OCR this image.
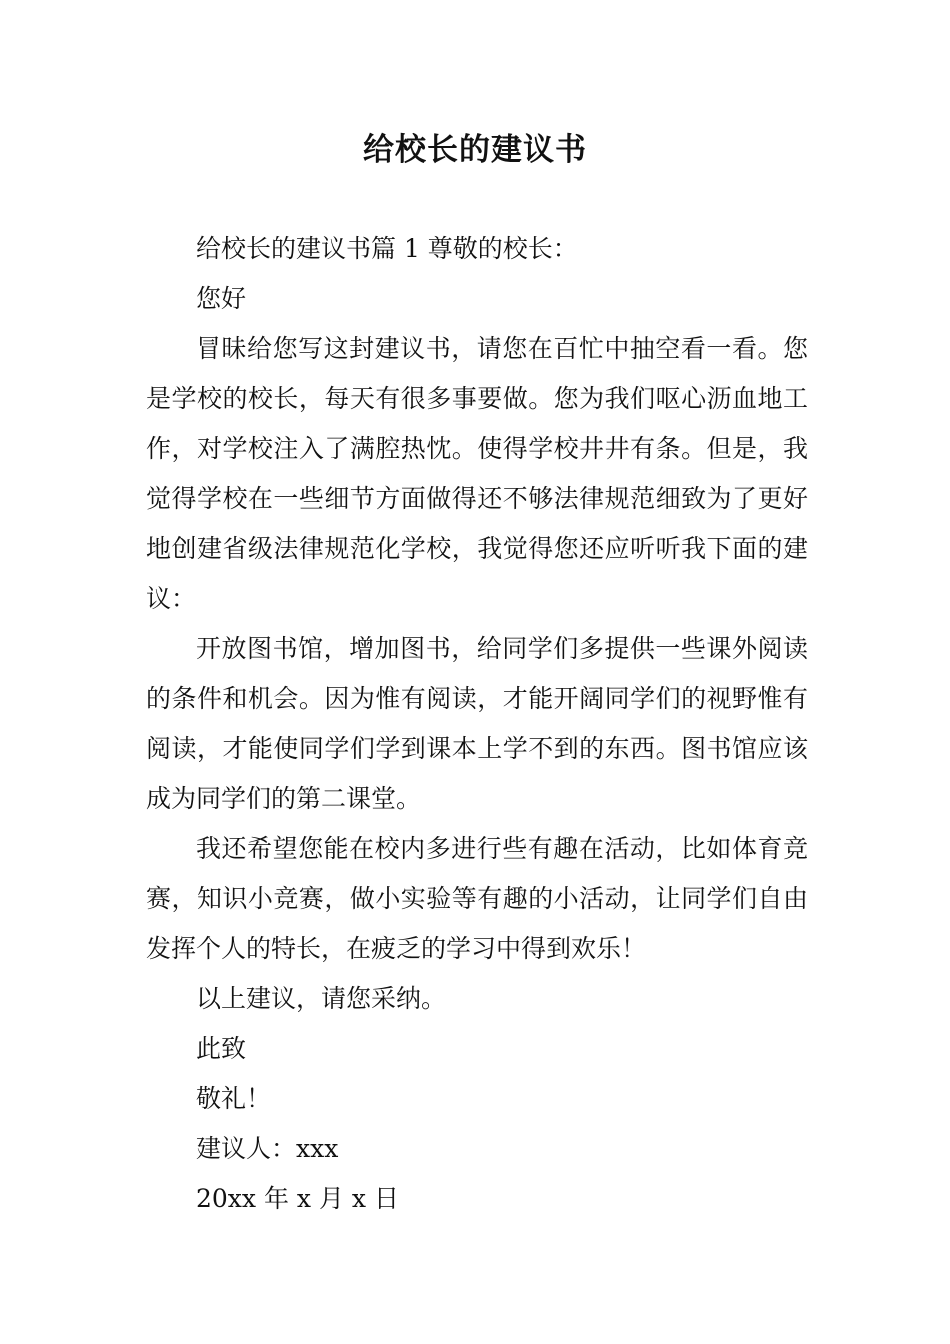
给校长的建议书

给校长的建议书篇 1 尊敬的校长：

您好

冒昧给您写这封建议书，请您在百忙中抽空看一看。您是学校的校长，每天有很多事要做。您为我们呕心沥血地工作，对学校注入了满腔热忱。使得学校井井有条。但是，我觉得学校在一些细节方面做得还不够法律规范细致为了更好地创建省级法律规范化学校，我觉得您还应听听我下面的建议：

开放图书馆，增加图书，给同学们多提供一些课外阅读的条件和机会。因为惟有阅读，才能开阔同学们的视野惟有阅读，才能使同学们学到课本上学不到的东西。图书馆应该成为同学们的第二课堂。

我还希望您能在校内多进行些有趣在活动，比如体育竞赛，知识小竞赛，做小实验等有趣的小活动，让同学们自由发挥个人的特长，在疲乏的学习中得到欢乐！

以上建议，请您采纳。

此致

敬礼！

建议人：xxx

20xx 年 x 月 x 日
